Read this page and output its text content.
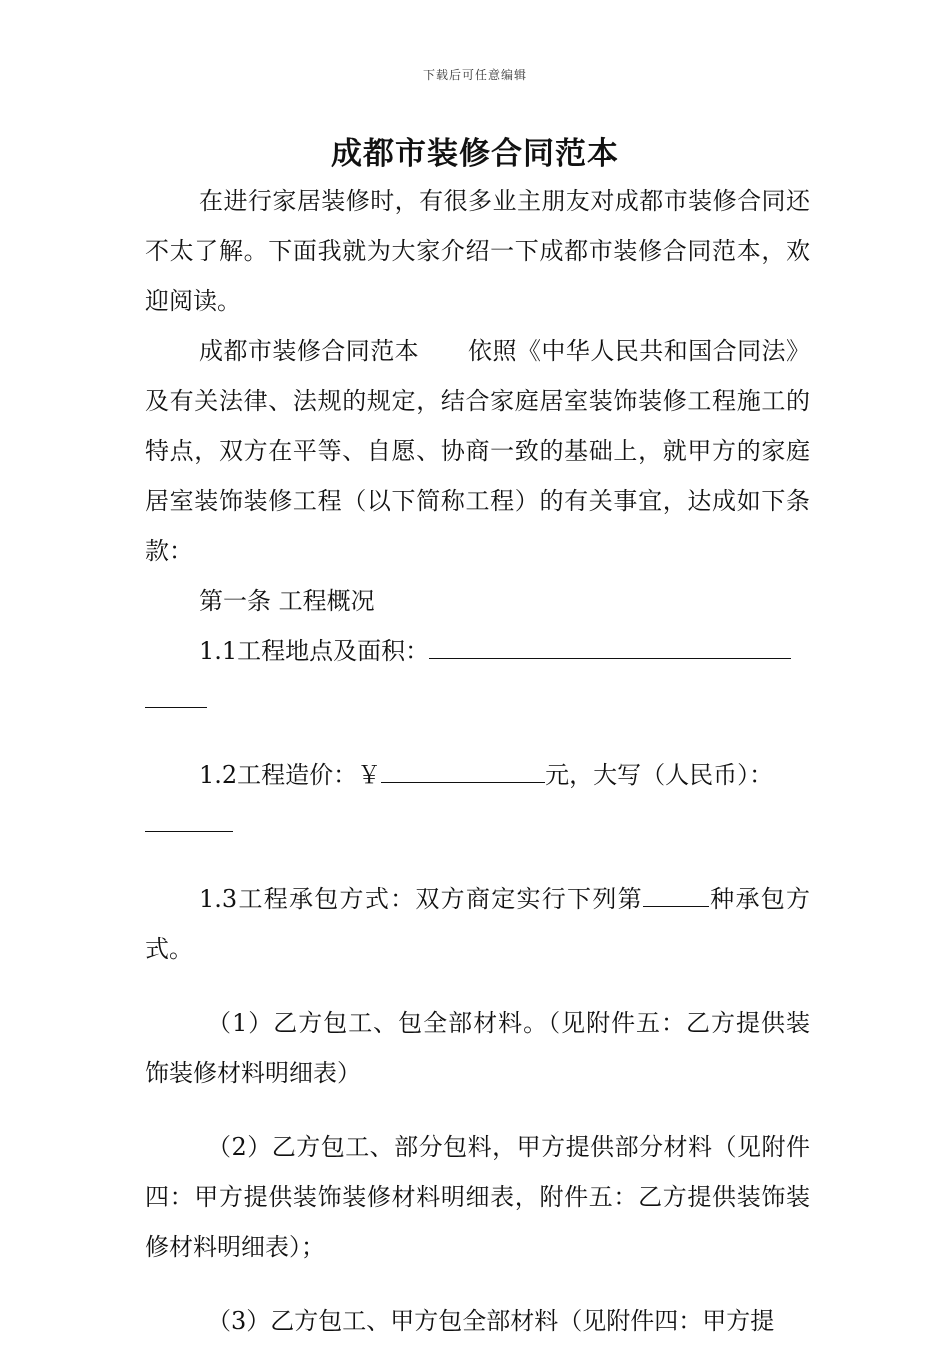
下载后可任意编辑
成都市装修合同范本

在进行家居装修时，有很多业主朋友对成都市装修合同还不太了解。下面我就为大家介绍一下成都市装修合同范本，欢迎阅读。

成都市装修合同范本　　依照《中华人民共和国合同法》及有关法律、法规的规定，结合家庭居室装饰装修工程施工的特点，双方在平等、自愿、协商一致的基础上，就甲方的家庭居室装饰装修工程（以下简称工程）的有关事宜，达成如下条款：

第一条 工程概况

1.1工程地点及面积：

1.2工程造价：￥	元，大写（人民币）：

1.3工程承包方式：双方商定实行下列第	种承包方式。

（1）乙方包工、包全部材料。（见附件五：乙方提供装饰装修材料明细表）

（2）乙方包工、部分包料，甲方提供部分材料（见附件四：甲方提供装饰装修材料明细表，附件五：乙方提供装饰装修材料明细表）；

（3）乙方包工、甲方包全部材料（见附件四：甲方提
